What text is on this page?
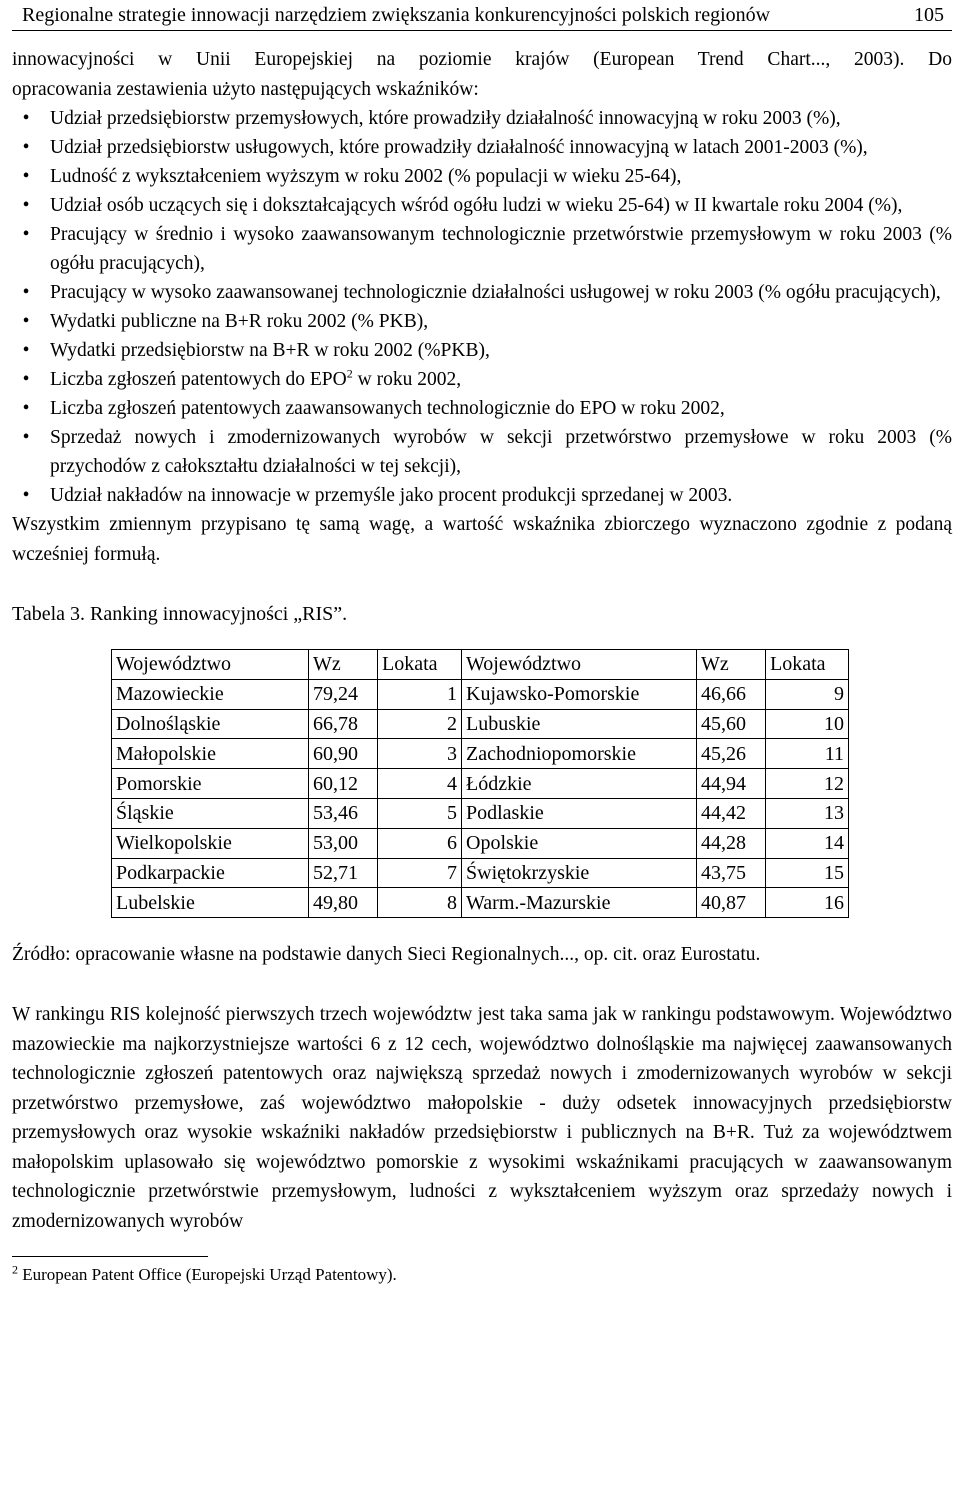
Regionalne strategie innowacji narzędziem zwiększania konkurencyjności polskich regionów	105
innowacyjności w Unii Europejskiej na poziomie krajów (European Trend Chart..., 2003). Do
opracowania zestawienia użyto następujących wskaźników:
•	Udział przedsiębiorstw przemysłowych, które prowadziły działalność innowacyjną w roku 2003 (%),
•	Udział przedsiębiorstw usługowych, które prowadziły działalność innowacyjną w latach 2001-2003 (%),
•	Ludność z wykształceniem wyższym w roku 2002 (% populacji w wieku 25-64),
•	Udział osób uczących się i dokształcających wśród ogółu ludzi w wieku 25-64) w II kwartale roku 2004 (%),
•	Pracujący w średnio i wysoko zaawansowanym technologicznie przetwórstwie przemysłowym w roku 2003 (% ogółu pracujących),
•	Pracujący w wysoko zaawansowanej technologicznie działalności usługowej w roku 2003 (% ogółu pracujących),
•	Wydatki publiczne na B+R roku 2002 (% PKB),
•	Wydatki przedsiębiorstw na B+R w roku 2002 (%PKB),
•	Liczba zgłoszeń patentowych do EPO$^2$ w roku 2002,
•	Liczba zgłoszeń patentowych zaawansowanych technologicznie do EPO w roku 2002,
•	Sprzedaż nowych i zmodernizowanych wyrobów w sekcji przetwórstwo przemysłowe w roku 2003 (% przychodów z całokształtu działalności w tej sekcji),
•	Udział nakładów na innowacje w przemyśle jako procent produkcji sprzedanej w 2003.

Wszystkim zmiennym przypisano tę samą wagę, a wartość wskaźnika zbiorczego wyznaczono zgodnie z podaną wcześniej formułą.

Tabela 3. Ranking innowacyjności „RIS”.
Województwo	Wz	Lokata	Województwo	Wz	Lokata
Mazowieckie	79,24	1	Kujawsko-Pomorskie	46,66	9
Dolnośląskie	66,78	2	Lubuskie	45,60	10
Małopolskie	60,90	3	Zachodniopomorskie	45,26	11
Pomorskie	60,12	4	Łódzkie	44,94	12
Śląskie	53,46	5	Podlaskie	44,42	13
Wielkopolskie	53,00	6	Opolskie	44,28	14
Podkarpackie	52,71	7	Świętokrzyskie	43,75	15
Lubelskie	49,80	8	Warm.-Mazurskie	40,87	16
Źródło: opracowanie własne na podstawie danych Sieci Regionalnych..., op. cit. oraz Eurostatu.

W rankingu RIS kolejność pierwszych trzech województw jest taka sama jak w rankingu podstawowym. Województwo mazowieckie ma najkorzystniejsze wartości 6 z 12 cech, województwo dolnośląskie ma najwięcej zaawansowanych technologicznie zgłoszeń patentowych oraz największą sprzedaż nowych i zmodernizowanych wyrobów w sekcji przetwórstwo przemysłowe, zaś województwo małopolskie - duży odsetek innowacyjnych przedsiębiorstw przemysłowych oraz wysokie wskaźniki nakładów przedsiębiorstw i publicznych na B+R. Tuż za województwem małopolskim uplasowało się województwo pomorskie z wysokimi wskaźnikami pracujących w zaawansowanym technologicznie przetwórstwie przemysłowym, ludności z wykształceniem wyższym oraz sprzedaży nowych i zmodernizowanych wyrobów

$^2$ European Patent Office (Europejski Urząd Patentowy).
